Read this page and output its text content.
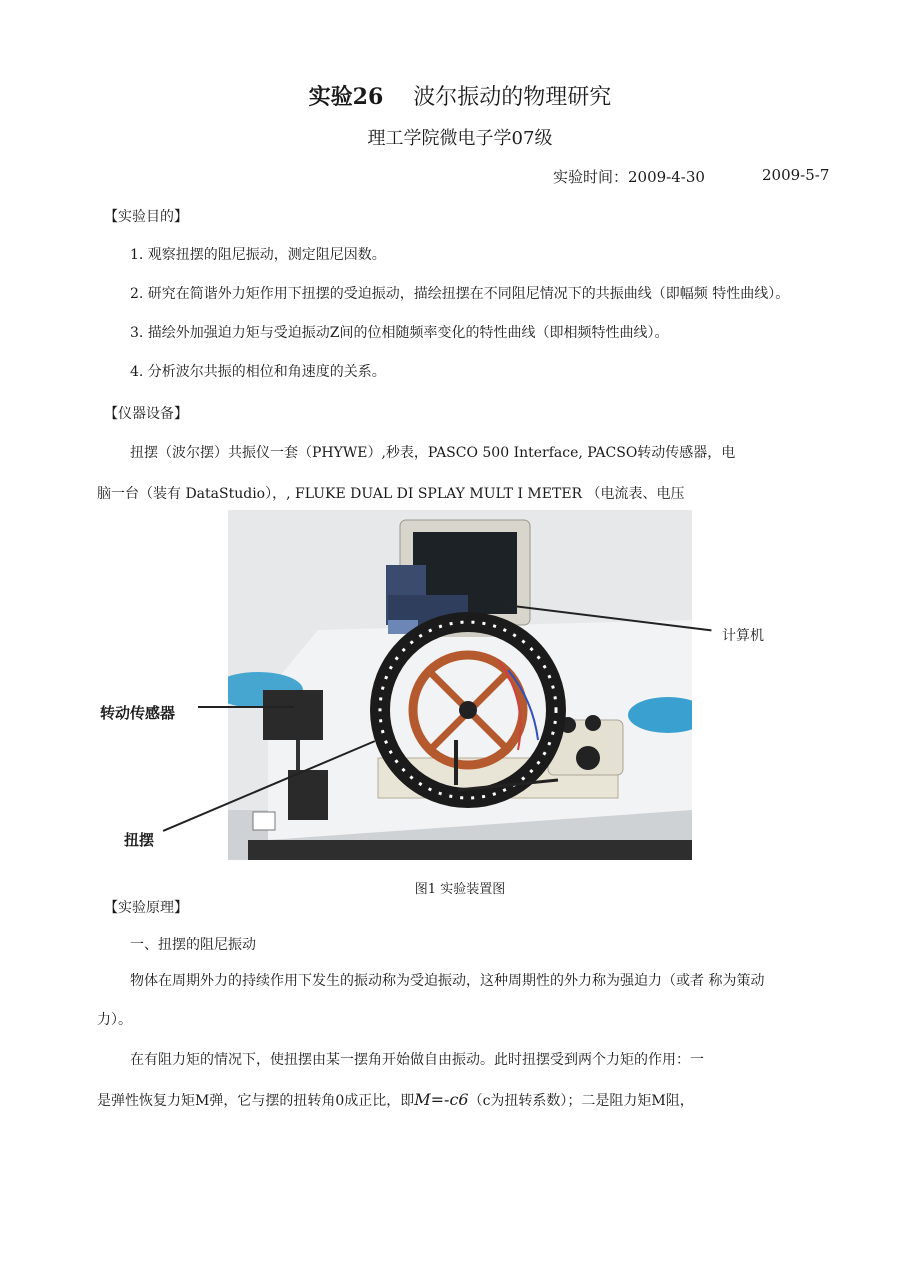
实验26 波尔振动的物理研究
理工学院微电子学07级
实验时间：2009-4-30	2009-5-7
【实验目的】
1. 观察扭摆的阻尼振动，测定阻尼因数。
2. 研究在简谐外力矩作用下扭摆的受迫振动，描绘扭摆在不同阻尼情况下的共振曲线（即幅频 特性曲线）。
3. 描绘外加强迫力矩与受迫振动Z间的位相随频率变化的特性曲线（即相频特性曲线）。
4. 分析波尔共振的相位和角速度的关系。
【仪器设备】
扭摆（波尔摆）共振仪一套（PHYWE）,秒表，PASCO 500 Interface, PACSO转动传感器，电
脑一台（装有 DataStudio），, FLUKE DUAL DI SPLAY MULT I METER （电流表、电压
计算机
转动传感器
扭摆
图1 实验装置图
【实验原理】
一、扭摆的阻尼振动
物体在周期外力的持续作用下发生的振动称为受迫振动，这种周期性的外力称为强迫力（或者 称为策动
力）。
在有阻力矩的情况下，使扭摆由某一摆角开始做自由振动。此时扭摆受到两个力矩的作用：一
是弹性恢复力矩M弹，它与摆的扭转角0成正比，即M=-c6（c为扭转系数）；二是阻力矩M阻，
